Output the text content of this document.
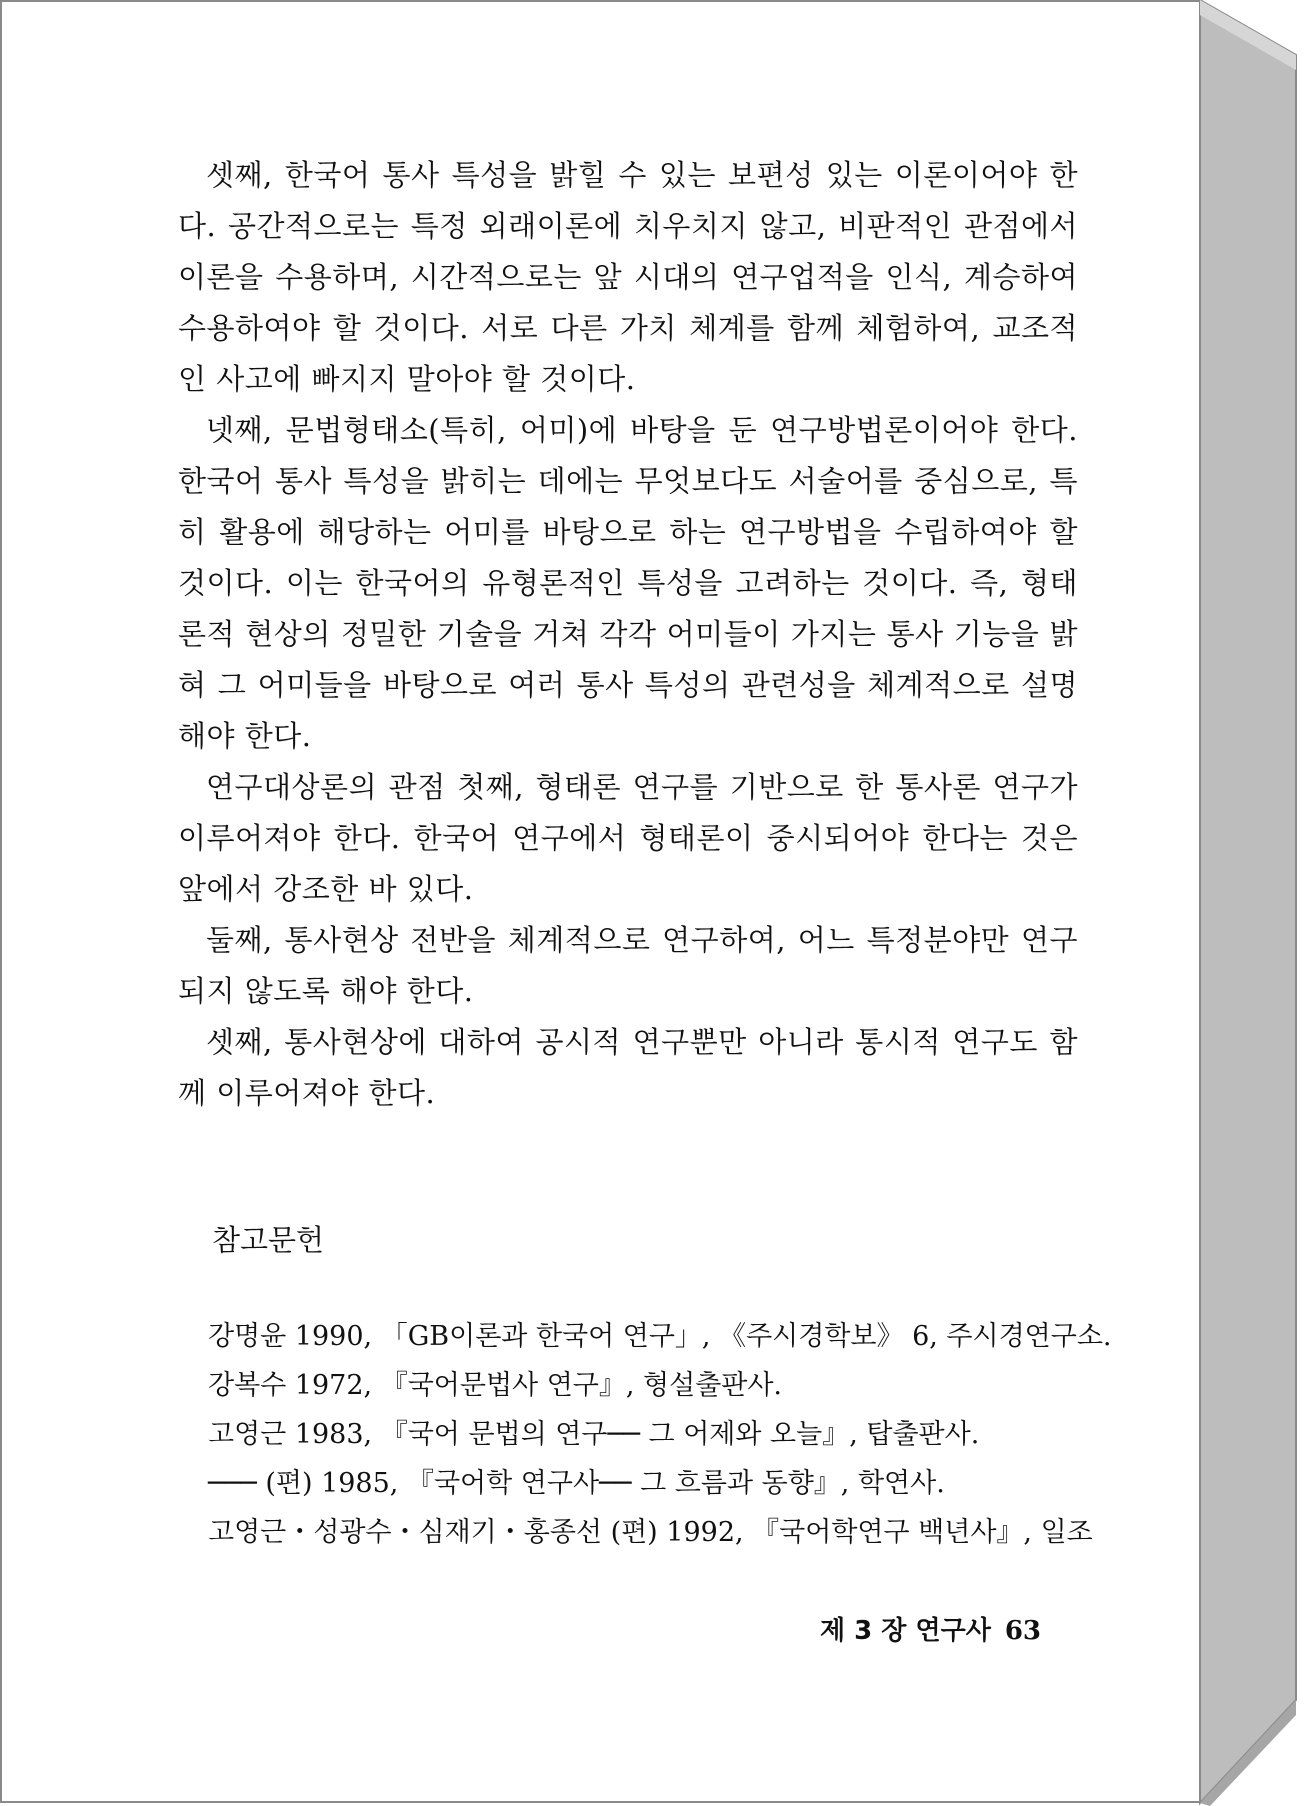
셋째, 한국어 통사 특성을 밝힐 수 있는 보편성 있는 이론이어야 한다. 공간적으로는 특정 외래이론에 치우치지 않고, 비판적인 관점에서 이론을 수용하며, 시간적으로는 앞 시대의 연구업적을 인식, 계승하여 수용하여야 할 것이다. 서로 다른 가치 체계를 함께 체험하여, 교조적인 사고에 빠지지 말아야 할 것이다.

넷째, 문법형태소(특히, 어미)에 바탕을 둔 연구방법론이어야 한다. 한국어 통사 특성을 밝히는 데에는 무엇보다도 서술어를 중심으로, 특히 활용에 해당하는 어미를 바탕으로 하는 연구방법을 수립하여야 할 것이다. 이는 한국어의 유형론적인 특성을 고려하는 것이다. 즉, 형태론적 현상의 정밀한 기술을 거쳐 각각 어미들이 가지는 통사 기능을 밝혀 그 어미들을 바탕으로 여러 통사 특성의 관련성을 체계적으로 설명해야 한다.

연구대상론의 관점 첫째, 형태론 연구를 기반으로 한 통사론 연구가 이루어져야 한다. 한국어 연구에서 형태론이 중시되어야 한다는 것은 앞에서 강조한 바 있다.

둘째, 통사현상 전반을 체계적으로 연구하여, 어느 특정분야만 연구되지 않도록 해야 한다.

셋째, 통사현상에 대하여 공시적 연구뿐만 아니라 통시적 연구도 함께 이루어져야 한다.

참고문헌

강명윤 1990, 「GB이론과 한국어 연구」, 《주시경학보》 6, 주시경연구소.

강복수 1972, 『국어문법사 연구』, 형설출판사.

고영근 1983, 『국어 문법의 연구── 그 어제와 오늘』, 탑출판사.

─── (편) 1985, 『국어학 연구사── 그 흐름과 동향』, 학연사.

고영근・성광수・심재기・홍종선 (편) 1992, 『국어학연구 백년사』, 일조

제 3 장 연구사 63
